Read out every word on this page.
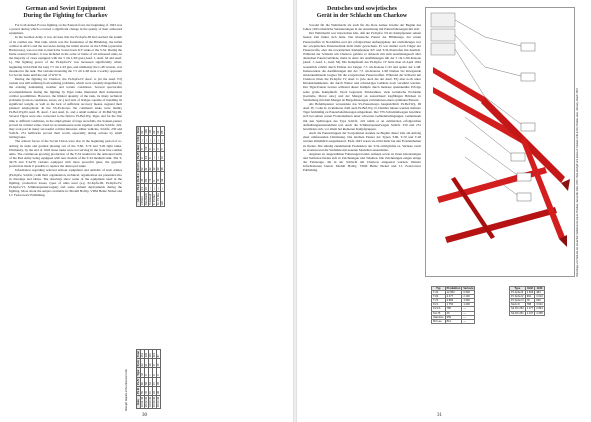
German and Soviet Equipment

During the Fighting for Charkov

For both Armed Forces fighting on the Eastern front, the beginning of 1943 was a period during which occurred a significant change in the quality of their armoured equipment.

In the German Army it was obvious that the Pz.Kpfw.III had reached the zenith of its combat use. That tank, which was the foundation of the Blitzkrieg, the initial combat in Africa and the successes during the initial attacks on the USSR (operation Barbarossa), was not able to match the Soviet basic KV tanks or the T-34. During the battle around Charkov it was included in the order of battle of all armoured units, in the majority of cases equipped with the 5 cm L/60 gun (Ausf. J, Ausf. M and Ausf. L). The fighting power of the Pz.Kpfw.IV was increased significantly when, beginning in 04/1942 the long 7.5 cm L/43 gun, and ultimately the L/48 version, was mounted in the tank. The variants mounting the 7.5 cm L/48 were a worthy opponent for Soviet tanks until the end of WW II.

During the fighting for Charkov, the Pz.Kpfw.IV Ausf. G (in the Ausf. F2) variant was still suffering from teething problems, which were certainly magnified by the existing demanding weather and terrain conditions. Several spectacular accomplishments during the fighting by Tiger tanks illustrated their tremendous combat possibilities. However, the limited quantity of the tank, its many technical problems (torsion conditions, stress, etc.) and lack of bridges capable of handling its significant weight, as well as the lack of sufficient recovery means, negated their planned employment. In the SS-Pz.Korps, the command tanks were mainly Pz.Bef.Wg.III Ausf. H, Ausf. J and Ausf. K, and a small number of Pz.Bef.Wg.III. Several Tigers were also converted to the field to Pz.Bef.Wg. Tiger, and for the first time to difficult conditions, in the employment of large snowfalls, the Sonnen-panzer proved its combat value. Used in reconnaissance units together with the Sd.Kfz. 222, they took part in many successful combat missions. Other vehicles, Sd.Kfz. 250 and Sd.Kfz. 251 halftracks proved their worth, especially during actions by small battlegroups.

The armour forces of the Soviet Union were also in the beginning period of re-arming its units and gradual phasing out of the T-60, T-70 and T-26 light tanks. Ultimately, by the end of 1943 those tanks were not serving in the front line combat units. The continuous growing production of the T-34 resulted in the armoured units of the Red Army being equipped with new models of the T-34 medium tank. The T-34/76 and T-34/76 variants equipped with more powerful guns, the gigantic production made it possible to replace the destroyed tanks.

Information regarding selected armour equipment and airmails of both armies (Pz.Kpfw, Sd.Kfz.) with their organization, technical, organization are presented also in drawings and tables. The drawings show some of the equipment used in the fighting, production losses, types of units used (e.g. Pz.Kpfw.III, Pz.Kpfw.IV, Pz.Kpfw.VI, Schützenpanzerwagen) and some airmail deployments during the fighting. More about the subject available in: Modell Hobby, VDM Heinz Nickel and J.J. Fedorowicz Publishing.

Strength Reports of the Armoured Units
Unit	Pz.II	Pz.III L	Pz.IV L	Pz.VI	Bef.	T-34	Total
LSSAH	12	10	52	9	9	—	92
Das Reich	10	81	21	14	10	—	136
Totenkopf	—	71	22	9	9	—	111
6. Pz.Div.	—	9	12	—	1	—	22
11. Pz.Div.	—	11	20	—	2	—	33
GD	—	33	38	10	5	—	86
Date	Pz.III	Pz.IV	Tiger	StuG	Total
10.01.43	59	60	10	22	151
20.02.43	41	58	9	21	129
01.03.43	37	52	7	19	115
10.03.43	31	47	6	17	101
20.03.43	28	39	5	15	87
30

Deutsches und sowjetisches

Gerät in der Schlacht um Charkow

Sowohl für die Wehrmacht als auch für die Rote Armee brachte der Beginn des Jahres 1943 erhebliche Veränderungen in der Ausrüstung mit Panzerfahrzeugen mit sich.

Der Wehrmacht war inzwischen klar, daß der Pz.Kpfw. III als Kampfpanzer seinen besten Zeit hinter sich hatte. Der klassische Panzer der Blitzkriege, der ersten Panzertreffen in Nordafrika und der erfolgreichen Anfangsphase des Ostfeldzuges war der sowjetischen Panzertechnik nicht mehr gewachsen. Er war immer noch Träger der Panzerwaffe, aber die sowjetischen Kampfpanzer KV und T-34 übertrafen ihn deutlich. Während der Schlacht um Charkow gehörte er dennoch mit zum Ausrüstungssoll aller deutschen Panzerverbände, meist in einer der Ausführungen mit der 5 cm L/60-Kanone (Ausf. J, Ausf. L, Ausf. M). Die Kampfkraft des Pz.Kpfw. IV hatte man ab April 1942 wesentlich erhöht durch Einbau der langen 7,5 cm-Kanone L/43 und später der L/48. Insbesondere die Ausführungen mit der 7,5 cm-Kanone L/48 blieben bis Kriegsende ernstzunehmende Gegner für die sowjetischen Panzerwaffen. Während der Schlacht um Charkow litten die Pz.Kpfw. IV Ausf. G (wie auch die der Ausf. F2) aber noch unter Kinderkrankheiten, die durch Wetter und schwieriges Gelände noch verstärkt wurden. Der Tiger-Panzer bewies während dieser Kämpfe durch mehrere spektakuläre Erfolge seine große Kampfkraft. Doch begrenzte Stückzahlen, viele technische Probleme (Getriebe, Motor usw.) und der Mangel an ausreichend tragfähigen Brücken in Verbindung mit dem Mangel an Bergefahrzeugen verhinderten einen optimalen Einsatz.

Als Befehlspanzer verwendete das SS-Panzerkorps hauptsächlich Pz.Bef.Wg. III Ausf. H, J oder K, in kleinerer Zahl auch Pz.Bef.Wg. II. Darüber hinaus wurden mehrere Tiger feldmäßig zu Panzerbefehlswagen umgerüstet. Der VW-Schwimmwagen bewährte sich bei seinen ersten Fronteinsätzen unter schweren Geländebedingungen. Gemeinsam mit den Spähwagen des Typs Sd.Kfz. 222 nahm er an zahlreichen erfolgreichen Aufklärungsunternehmen teil. Auch die Schützenpanzerwagen Sd.Kfz. 250 und 251 bewährten sich, vor allem bei kleineren Kampfgruppen.

Auch die Panzertruppen der Sowjetunion standen zu Beginn dieser Zeit am Anfang einer umfassenden Umrüstung. Die leichten Panzer der Typen T-60, T-70 und T-26 wurden allmählich ausgemustert. Ende 1943 waren sie nicht mehr bei den Fronteinheiten zu finden. Die ständig zunehmende Produktion der T-34 ermöglichte es, Verluste rasch zu ersetzen und die Verbände mit neueren Modellen auszurüsten.

Angaben zu ausgewählten Fahrzeugen beider Armeen sowie zu ihren Gliederungen und Verlusten finden sich in Zeichnungen und Tabellen. Die Zeichnungen zeigen einige der Fahrzeuge, die in der Schlacht um Charkow eingesetzt wurden. Weitere Informationen bieten: Modell Hobby, VDM Heinz Nickel und J.J. Fedorowicz Publishing.	Panzerlage und Verluste der deutschen Verbände im Raum Charkow, Januar bis März 1943 / Tank strength and losses of German units in the Charkov area, January–March 1943
Typ	Produktion	Verluste
T-34	12 553	6 600
T-60	4 477	2 100
T-70	4 883	1 500
KV-1	1 753	1 200
KV-1S	780	—
SU-76	26	—
Valentine	959	—
M3 Lee	812	—
Type	1942	1943
Pz.Kpfw.III	2 605	484
Pz.Kpfw.IV	994	3 013
Pz.Kpfw.VI	78	649
StuG III	788	3 041
Sd.Kfz.250	1 377	2 894
Sd.Kfz.251	1 237	4 258
31
